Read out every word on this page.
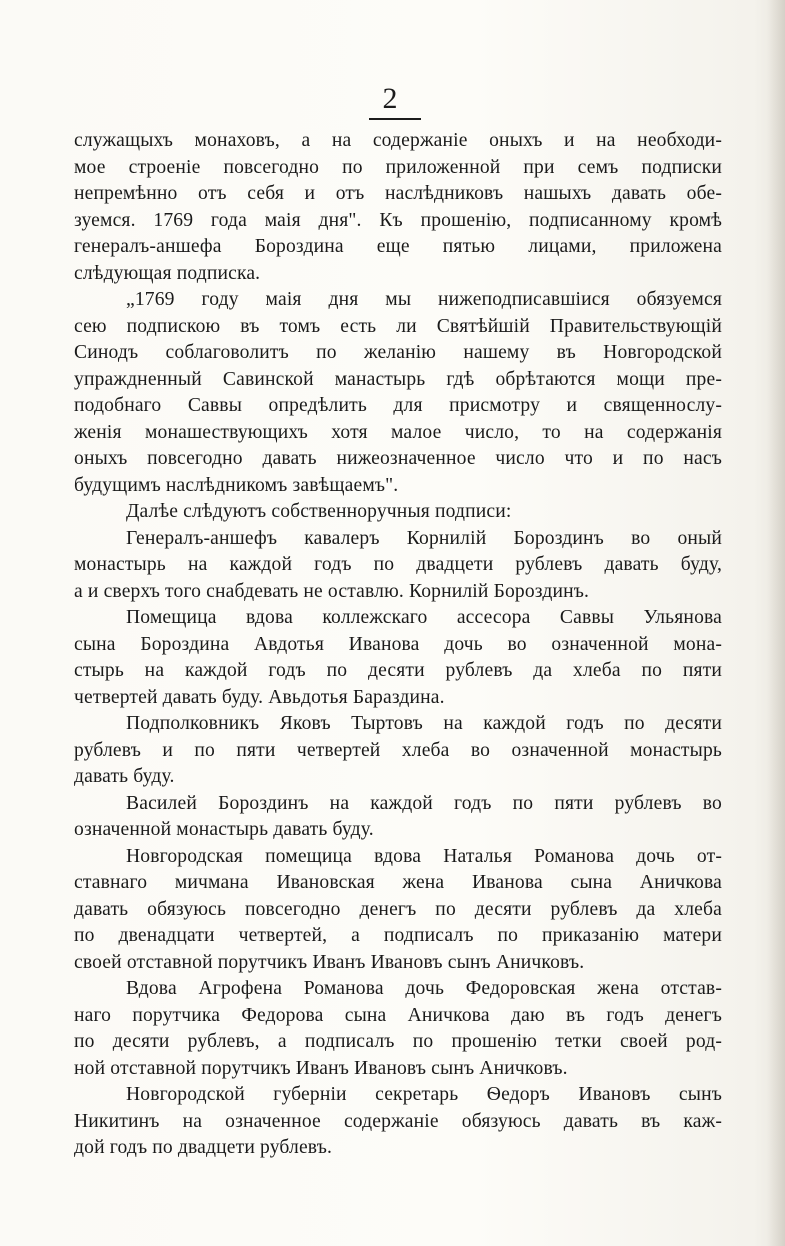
2

служащыхъ монаховъ, а на содержаніе оныхъ и на необходи-
мое строеніе повсегодно по приложенной при семъ подписки
непремѣнно отъ себя и отъ наслѣдниковъ нашыхъ давать обе-
зуемся. 1769 года маія дня". Къ прошенію, подписанному кромѣ
генералъ-аншефа Бороздина еще пятью лицами, приложена
слѣдующая подписка.

„1769 году маія дня мы нижеподписавшіися обязуемся
сею подпискою въ томъ есть ли Святѣйшій Правительствующій
Синодъ соблаговолитъ по желанію нашему въ Новгородской
упраждненный Савинской манастырь гдѣ обрѣтаются мощи пре-
подобнаго Саввы опредѣлить для присмотру и священнослу-
женія монашествующихъ хотя малое число, то на содержанія
оныхъ повсегодно давать нижеозначенное число что и по насъ
будущимъ наслѣдникомъ завѣщаемъ".

Далѣе слѣдуютъ собственноручныя подписи:

Генералъ-аншефъ кавалеръ Корнилій Бороздинъ во оный
монастырь на каждой годъ по двадцети рублевъ давать буду,
а и сверхъ того снабдевать не оставлю. Корнилій Бороздинъ.

Помещица вдова коллежскаго ассесора Саввы Ульянова
сына Бороздина Авдотья Иванова дочь во означенной мона-
стырь на каждой годъ по десяти рублевъ да хлеба по пяти
четвертей давать буду. Авьдотья Бараздина.

Подполковникъ Яковъ Тыртовъ на каждой годъ по десяти
рублевъ и по пяти четвертей хлеба во означенной монастырь
давать буду.

Василей Бороздинъ на каждой годъ по пяти рублевъ во
означенной монастырь давать буду.

Новгородская помещица вдова Наталья Романова дочь от-
ставнаго мичмана Ивановская жена Иванова сына Аничкова
давать обязуюсь повсегодно денегъ по десяти рублевъ да хлеба
по двенадцати четвертей, а подписалъ по приказанію матери
своей отставной порутчикъ Иванъ Ивановъ сынъ Аничковъ.

Вдова Агрофена Романова дочь Федоровская жена отстав-
наго порутчика Федорова сына Аничкова даю въ годъ денегъ
по десяти рублевъ, а подписалъ по прошенію тетки своей род-
ной отставной порутчикъ Иванъ Ивановъ сынъ Аничковъ.

Новгородской губерніи секретарь Ѳедоръ Ивановъ сынъ
Никитинъ на означенное содержаніе обязуюсь давать въ каж-
дой годъ по двадцети рублевъ.
